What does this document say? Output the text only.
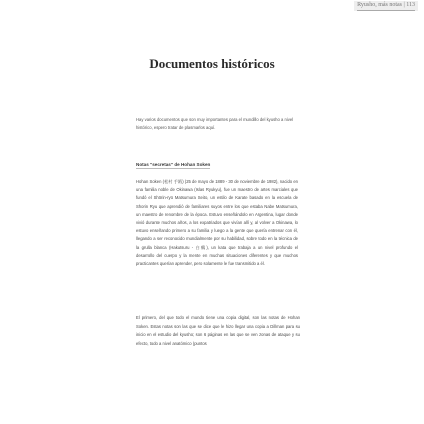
Ryusho, más notas | 113
Documentos históricos

Hay varios documentos que son muy importantes para el mundillo del kyusho a nivel histórico, espero tratar de plasmarlos aquí.

Notas "secretas" de Hohan Soken

Hohan Soken (松村 手紙) (25 de mayo de 1889 - 30 de noviembre de 1982), nacido en una familia noble de Okinawa (Islas Ryukyu), fue un maestro de artes marciales que fundó el Shōrin-ryū Matsumura Seito, un estilo de Karate basado en la escuela de Shorin Ryu que aprendió de familiares suyos entre los que estaba Nabe Matsumura, un maestro de renombre de la época. Estuvo enseñándolo en Argentina, lugar donde vivió durante muchos años, a los expatriados que vivían allí y, al volver a Okinawa, lo estuvo enseñando primero a su familia y luego a la gente que quería entrenar con él, llegando a ser reconocido mundialmente por su habilidad, sobre todo en la técnica de la grulla blanca (Hakutsuru - 白鶴), un kata que trabaja a un nivel profundo el desarrollo del cuerpo y la mente en muchas situaciones diferentes y que muchos practicantes querían aprender, pero solamente le fue transmitido a él.

El primero, del que todo el mundo tiene una copia digital, son las notas de Hohan Soken. Estas notas son las que se dice que le hizo llegar una copia a Dillman para su inicio en el estudio del kyusho; son 6 páginas en las que se ven zonas de ataque y su efecto, todo a nivel anatómico (puntos
